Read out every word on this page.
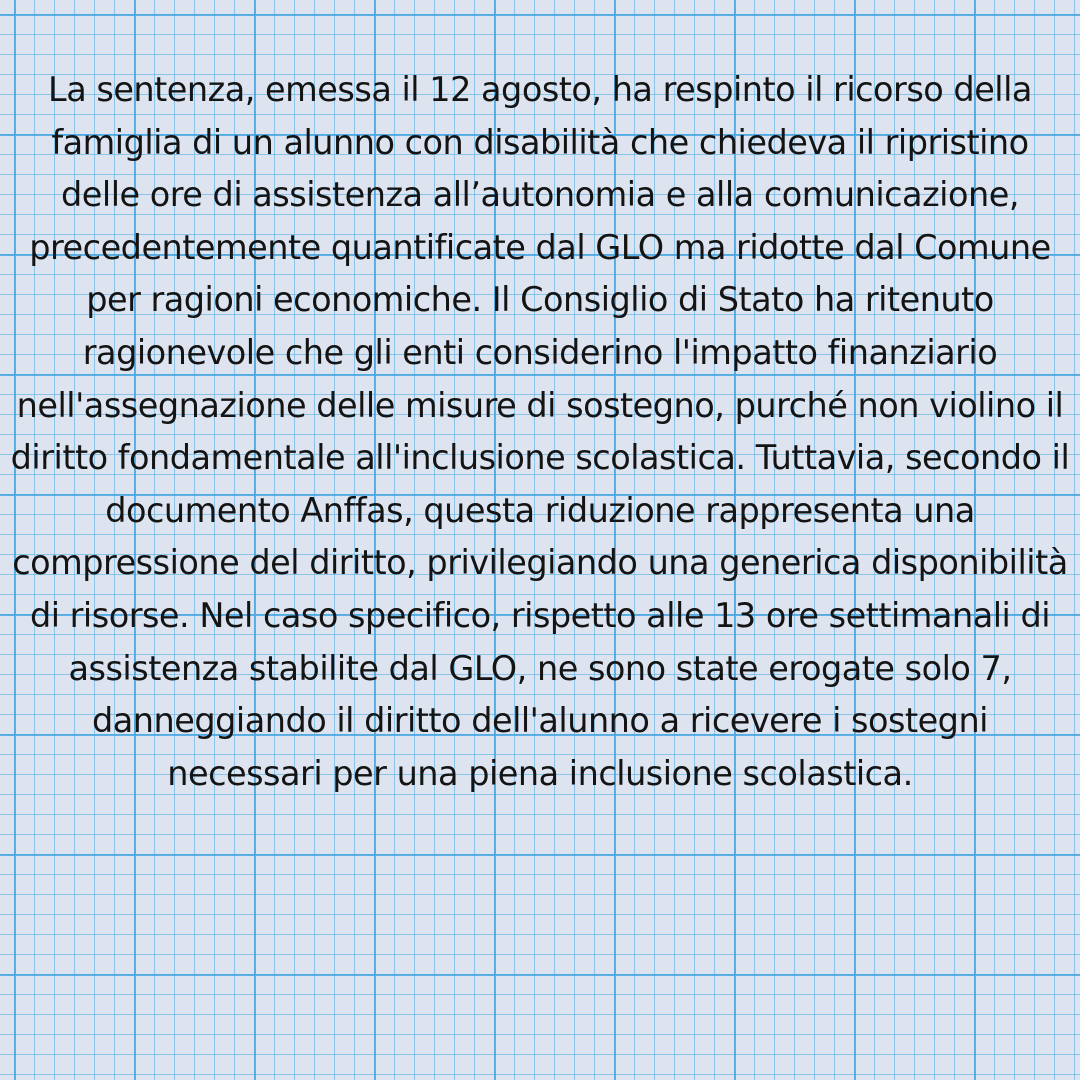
La sentenza, emessa il 12 agosto, ha respinto il ricorso della famiglia di un alunno con disabilità che chiedeva il ripristino delle ore di assistenza all’autonomia e alla comunicazione, precedentemente quantificate dal GLO ma ridotte dal Comune per ragioni economiche. Il Consiglio di Stato ha ritenuto ragionevole che gli enti considerino l'impatto finanziario nell'assegnazione delle misure di sostegno, purché non violino il diritto fondamentale all'inclusione scolastica. Tuttavia, secondo il documento Anffas, questa riduzione rappresenta una compressione del diritto, privilegiando una generica disponibilità di risorse. Nel caso specifico, rispetto alle 13 ore settimanali di assistenza stabilite dal GLO, ne sono state erogate solo 7, danneggiando il diritto dell'alunno a ricevere i sostegni necessari per una piena inclusione scolastica.
